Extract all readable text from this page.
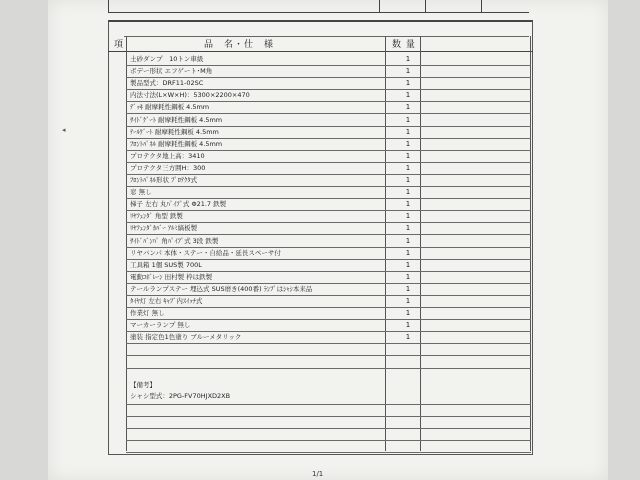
◂
項	品　名・仕　様	数 量
土砂ダンプ　10トン車級	1
ボデー形状 エフゲート･M角	1
製品型式：DRF11-02SC	1
内法寸法(L×W×H)：5300×2200×470	1
ﾃﾞｯｷ 耐摩耗性鋼板 4.5mm	1
ｻｲﾄﾞｹﾞｰﾄ 耐摩耗性鋼板 4.5mm	1
ﾃｰﾙｹﾞｰﾄ 耐摩耗性鋼板 4.5mm	1
ﾌﾛﾝﾄﾊﾟﾈﾙ 耐摩耗性鋼板 4.5mm	1
プロテクタ地上高：3410	1
プロテクタ三方囲H：300	1
ﾌﾛﾝﾄﾊﾟﾈﾙ形状 ﾌﾟﾛﾃｸﾀ式	1
窓 無し	1
梯子 左右 丸ﾊﾟｲﾌﾟ式 Φ21.7 鉄製	1
ﾘﾔﾌｪﾝﾀﾞ 角型 鉄製	1
ﾘﾔﾌｪﾝﾀﾞｶﾊﾞｰ ｱﾙﾐ縞板製	1
ｻｲﾄﾞﾊﾞﾝﾊﾟ 角ﾊﾟｲﾌﾟ式 3段 鉄製	1
リヤバンパ 本体・ステー・自給品・延長スペーサ付	1
工具箱 1個 SUS製 700L	1
電動ｺﾎﾞﾚｰﾝ 田村製 枠は鉄製	1
テールランプステー 埋込式 SUS磨き(400番) ﾗﾝﾌﾟはｼｬｼ本来品	1
ﾀｲﾔ灯 左右 ｷｬﾌﾞ内ｽｲｯﾁ式	1
作業灯 無し	1
マーカーランプ 無し	1
塗装 指定色1色塗り ブルーメタリック	1
【備考】
シャシ型式：2PG-FV70HJXD2XB
1/1
